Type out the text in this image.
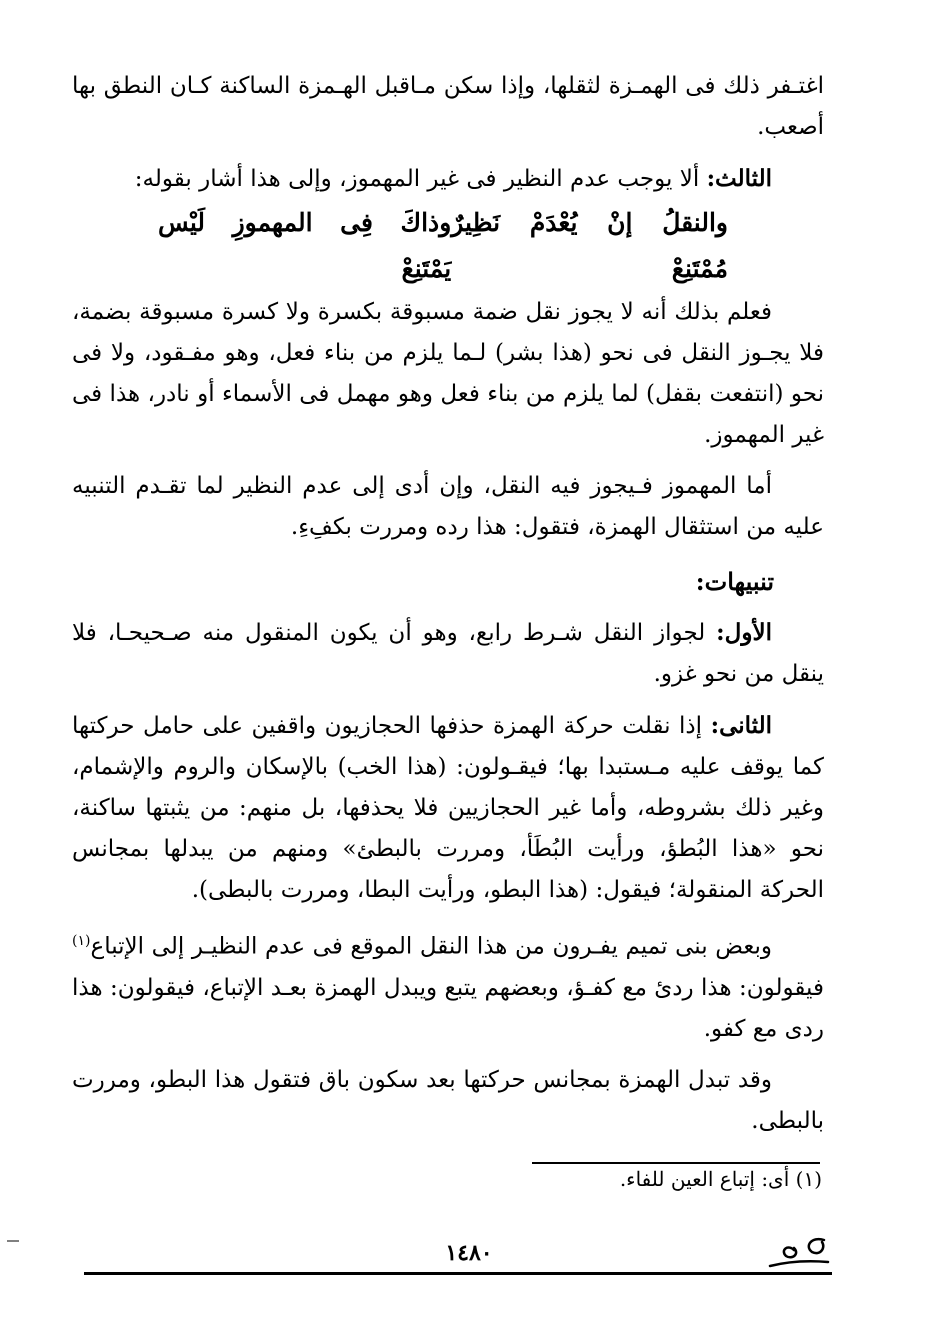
اغتـفر ذلك فى الهمـزة لثقلها، وإذا سكن مـاقبل الهـمزة الساكنة كـان النطق بها أصعب.

الثالث: ألا يوجب عدم النظير فى غير المهموز، وإلى هذا أشار بقوله:

والنقلُ إنْ يُعْدَمْ نَظِيرٌ مُمْتَنِعْ
وذاكَ فِى المهموزِ لَيْس يَمْتَنِعْ

فعلم بذلك أنه لا يجوز نقل ضمة مسبوقة بكسرة ولا كسرة مسبوقة بضمة، فلا يجـوز النقل فى نحو (هذا بشر) لـما يلزم من بناء فعل، وهو مفـقود، ولا فى نحو (انتفعت بقفل) لما يلزم من بناء فعل وهو مهمل فى الأسماء أو نادر، هذا فى غير المهموز.

أما المهموز فـيجوز فيه النقل، وإن أدى إلى عدم النظير لما تقـدم التنبيه عليه من استثقال الهمزة، فتقول: هذا رده ومررت بكفِءِ.

تنبيهات:

الأول: لجواز النقل شـرط رابع، وهو أن يكون المنقول منه صـحيحـا، فلا ينقل من نحو غزو.

الثانى: إذا نقلت حركة الهمزة حذفها الحجازيون واقفين على حامل حركتها كما يوقف عليه مـستبدا بها؛ فيقـولون: (هذا الخب) بالإسكان والروم والإشمام، وغير ذلك بشروطه، وأما غير الحجازيين فلا يحذفها، بل منهم: من يثبتها ساكنة، نحو «هذا البُطؤ، ورأيت البُطَأ، ومررت بالبطئ» ومنهم من يبدلها بمجانس الحركة المنقولة؛ فيقول: (هذا البطو، ورأيت البطا، ومررت بالبطى).

وبعض بنى تميم يفـرون من هذا النقل الموقع فى عدم النظيـر إلى الإتباع$^{(١)}$ فيقولون: هذا ردئ مع كفـؤ، وبعضهم يتبع ويبدل الهمزة بعـد الإتباع، فيقولون: هذا ردى مع كفو.

وقد تبدل الهمزة بمجانس حركتها بعد سكون باق فتقول هذا البطو، ومررت بالبطى.

(١) أى: إتباع العين للفاء.
١٤٨٠
